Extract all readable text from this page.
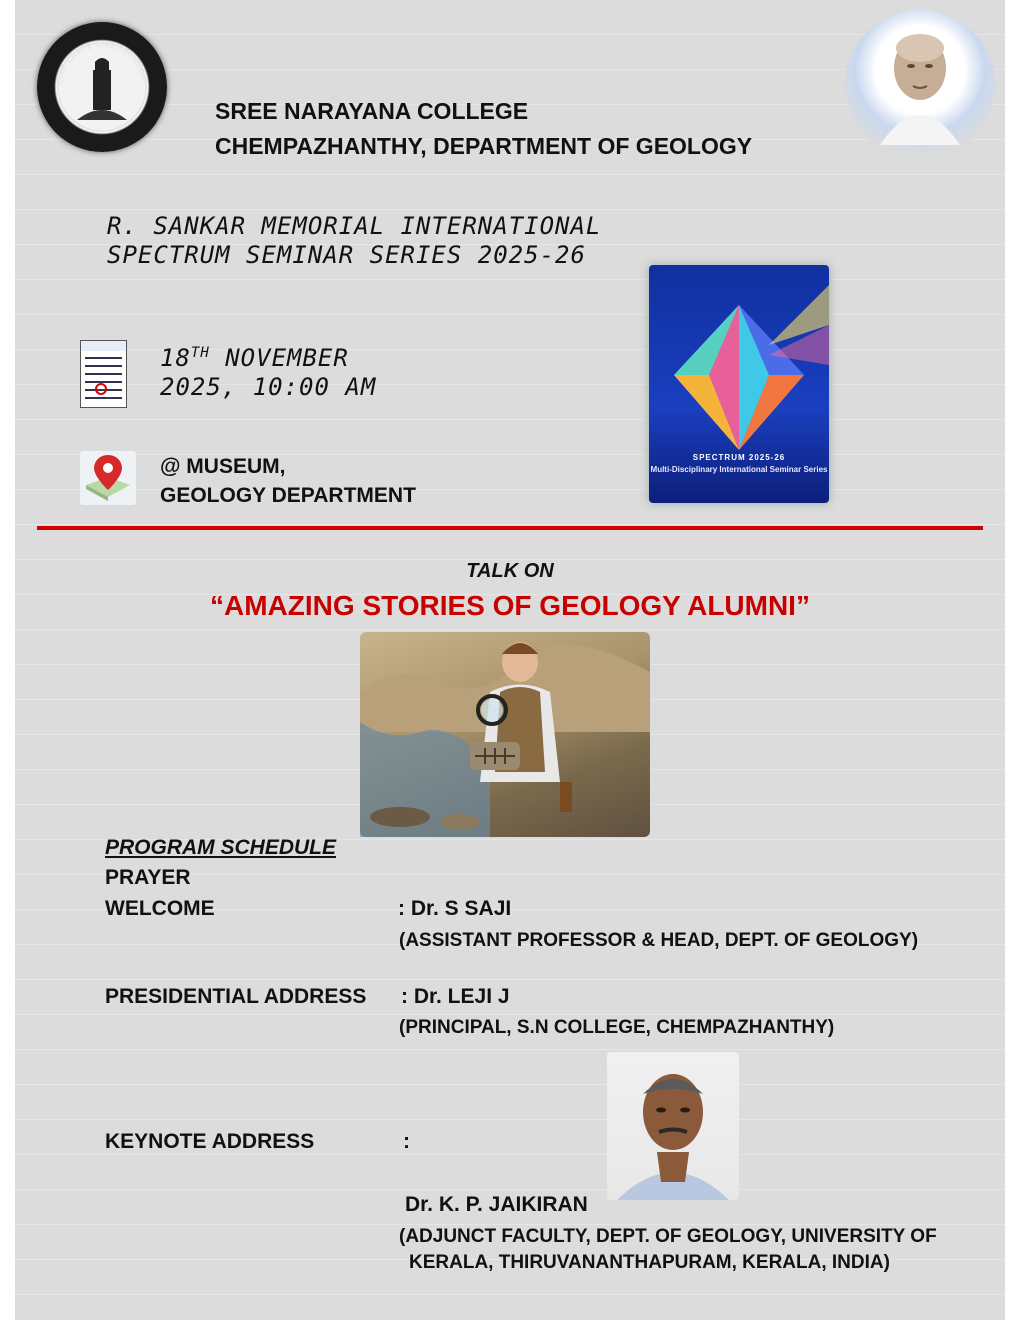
ONE CASTE ONE RELIGION
SREE NARAYANA COLLEGE
CHEMPAZHANTHY, DEPARTMENT OF GEOLOGY
R. SANKAR MEMORIAL INTERNATIONAL
SPECTRUM SEMINAR SERIES 2025-26
SPECTRUM 2025-26
Multi-Disciplinary International Seminar Series
18TH NOVEMBER
2025, 10:00 AM
@ MUSEUM,
GEOLOGY DEPARTMENT
TALK ON
“AMAZING STORIES OF GEOLOGY ALUMNI”
PROGRAM SCHEDULE
PRAYER
WELCOME	: Dr. S SAJI
(ASSISTANT PROFESSOR & HEAD, DEPT. OF GEOLOGY)
PRESIDENTIAL ADDRESS : Dr. LEJI J
(PRINCIPAL, S.N COLLEGE, CHEMPAZHANTHY)
KEYNOTE ADDRESS	:
Dr. K. P. JAIKIRAN
(ADJUNCT FACULTY, DEPT. OF GEOLOGY, UNIVERSITY OF
KERALA, THIRUVANANTHAPURAM, KERALA, INDIA)
